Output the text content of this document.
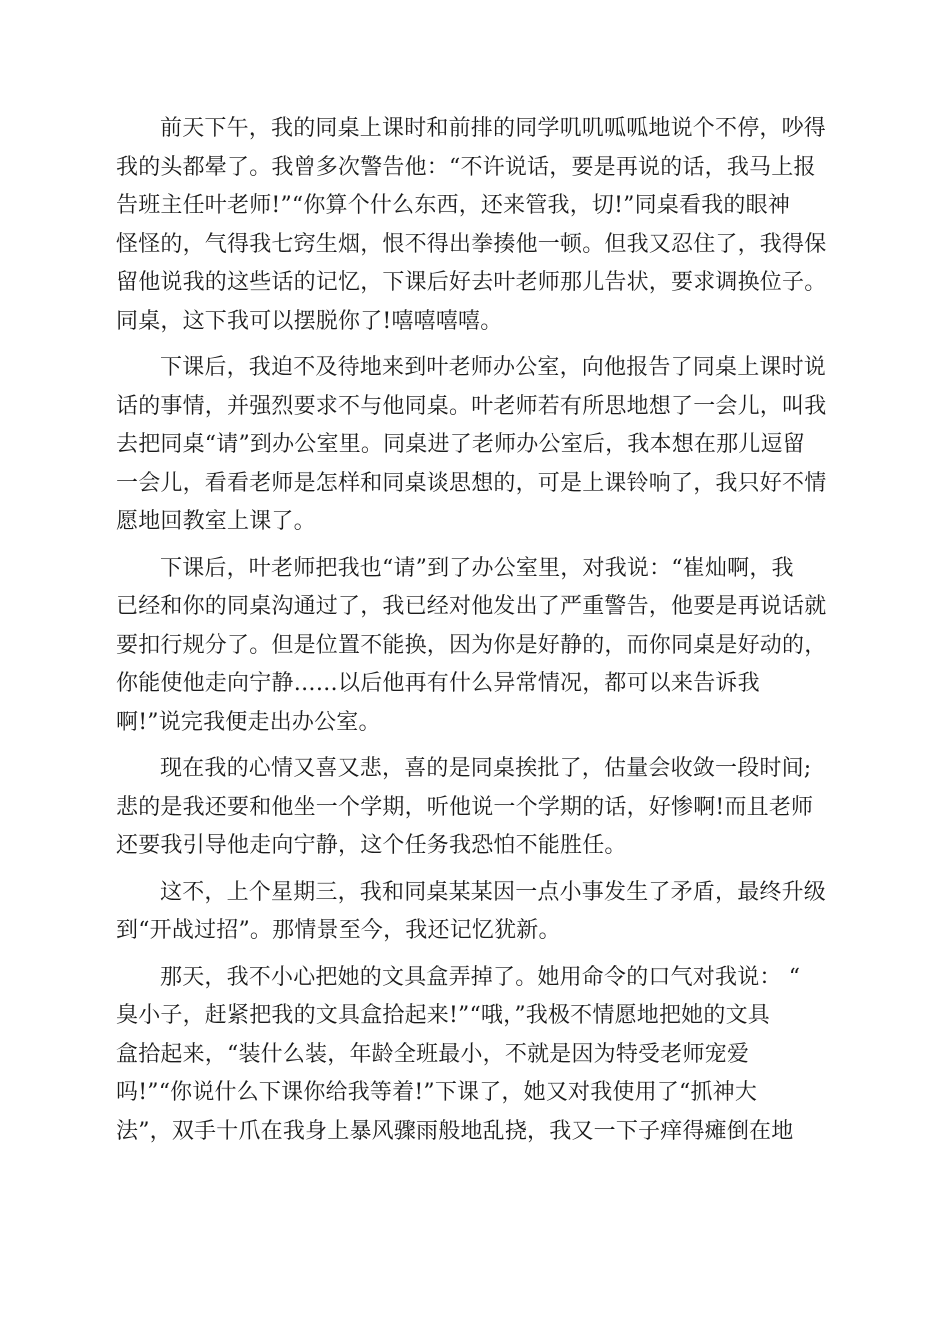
前天下午，我的同桌上课时和前排的同学叽叽呱呱地说个不停，吵得
我的头都晕了。我曾多次警告他：“不许说话，要是再说的话，我马上报
告班主任叶老师!”“你算个什么东西，还来管我，切!”同桌看我的眼神
怪怪的，气得我七窍生烟，恨不得出拳揍他一顿。但我又忍住了，我得保
留他说我的这些话的记忆，下课后好去叶老师那儿告状，要求调换位子。
同桌，这下我可以摆脱你了!嘻嘻嘻嘻。
下课后，我迫不及待地来到叶老师办公室，向他报告了同桌上课时说
话的事情，并强烈要求不与他同桌。叶老师若有所思地想了一会儿，叫我
去把同桌“请”到办公室里。同桌进了老师办公室后，我本想在那儿逗留
一会儿，看看老师是怎样和同桌谈思想的，可是上课铃响了，我只好不情
愿地回教室上课了。
下课后，叶老师把我也“请”到了办公室里，对我说：“崔灿啊，我
已经和你的同桌沟通过了，我已经对他发出了严重警告，他要是再说话就
要扣行规分了。但是位置不能换，因为你是好静的，而你同桌是好动的，
你能使他走向宁静……以后他再有什么异常情况，都可以来告诉我
啊!”说完我便走出办公室。
现在我的心情又喜又悲，喜的是同桌挨批了，估量会收敛一段时间;
悲的是我还要和他坐一个学期，听他说一个学期的话，好惨啊!而且老师
还要我引导他走向宁静，这个任务我恐怕不能胜任。
这不，上个星期三，我和同桌某某因一点小事发生了矛盾，最终升级
到“开战过招”。那情景至今，我还记忆犹新。
那天，我不小心把她的文具盒弄掉了。她用命令的口气对我说： “
臭小子，赶紧把我的文具盒拾起来!”“哦，”我极不情愿地把她的文具
盒拾起来，“装什么装，年龄全班最小，不就是因为特受老师宠爱
吗!”“你说什么下课你给我等着!”下课了，她又对我使用了“抓神大
法”，双手十爪在我身上暴风骤雨般地乱挠，我又一下子痒得瘫倒在地
